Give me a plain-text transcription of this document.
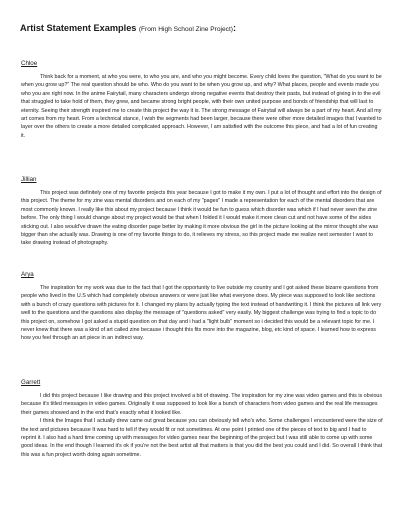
Artist Statement Examples (From High School Zine Project):

Chloe

Think back for a moment, at who you were, to who you are, and who you might become. Every child loves the question, "What do you want to be when you grow up?" The real question should be who. Who do you want to be when you grow up, and why? What places, people and events made you who you are right now. In the anime Fairytail, many characters undergo strong negative events that destroy their pasts, but instead of giving in to the evil that struggled to take hold of them, they grew, and became strong bright people, with their own united purpose and bonds of friendship that will last to eternity. Seeing their strength inspired me to create this project the way it is. The strong message of Fairytail will always be a part of my heart. And all my art comes from my heart. From a technical stance, I wish the segments had been larger, because there were other more detailed images that I wanted to layer over the others to create a more detailed complicated approach. However, I am satisfied with the outcome this piece, and had a lot of fun creating it.

Jillian

This project was definitely one of my favorite projects this year because I got to make it my own. I put a lot of thought and effort into the design of this project. The theme for my zine was mental disorders and on each of my "pages" I made a representation for each of the mental disorders that are most commonly known. I really like this about my project because I think it would be fun to guess which disorder was which if I had never seen the zine before. The only thing I would change about my project would be that when I folded it I would make it more clean cut and not have some of the sides sticking out. I also would've drawn the eating disorder page better by making it more obvious the girl in the picture looking at the mirror thought she was bigger than she actually was. Drawing is one of my favorite things to do, it relieves my stress, so this project made me realize next semester I want to take drawing instead of photography.

Arya

The inspiration for my work was due to the fact that I got the opportunity to live outside my country and I got asked these bizarre questions from people who lived in the U.S which had completely obvious answers or were just like what everyone does. My piece was supposed to look like sections with a bunch of crazy questions with pictures for it. I changed my plans by actually typing the text instead of handwriting it. I think the pictures all link very well to the questions and the questions also display the message of "questions asked" very easily. My biggest challenge was trying to find a topic to do this project on, somehow I got asked a stupid question on that day and i had a "light bulb" moment so i decided this would be a relevant topic for me. I never knew that there was a kind of art called zine because i thought this fits more into the magazine, blog, etc kind of space. I learned how to express how you feel through an art piece in an indirect way.

Garrett

I did this project because I like drawing and this project involved a bit of drawing. The inspiration for my zine was video games and this is obvious because it's titled messages in video games. Originally it was supposed to look like a bunch of characters from video games and the real life messages their games showed and in the end that's exactly what it looked like.

I think the Images that I actually drew came out great because you can obviously tell who's who. Some challenges I encountered were the size of the text and pictures because It was hard to tell if they would fit or not sometimes. At one point I printed one of the pieces of text to big and I had to reprint it. I also had a hard time coming up with messages for video games near the beginning of the project but I was still able to come up with some good ideas. In the end though I learned it's ok if you're not the best artist all that matters is that you did the best you could and I did. So overall I think that this was a fun project worth doing again sometime.
